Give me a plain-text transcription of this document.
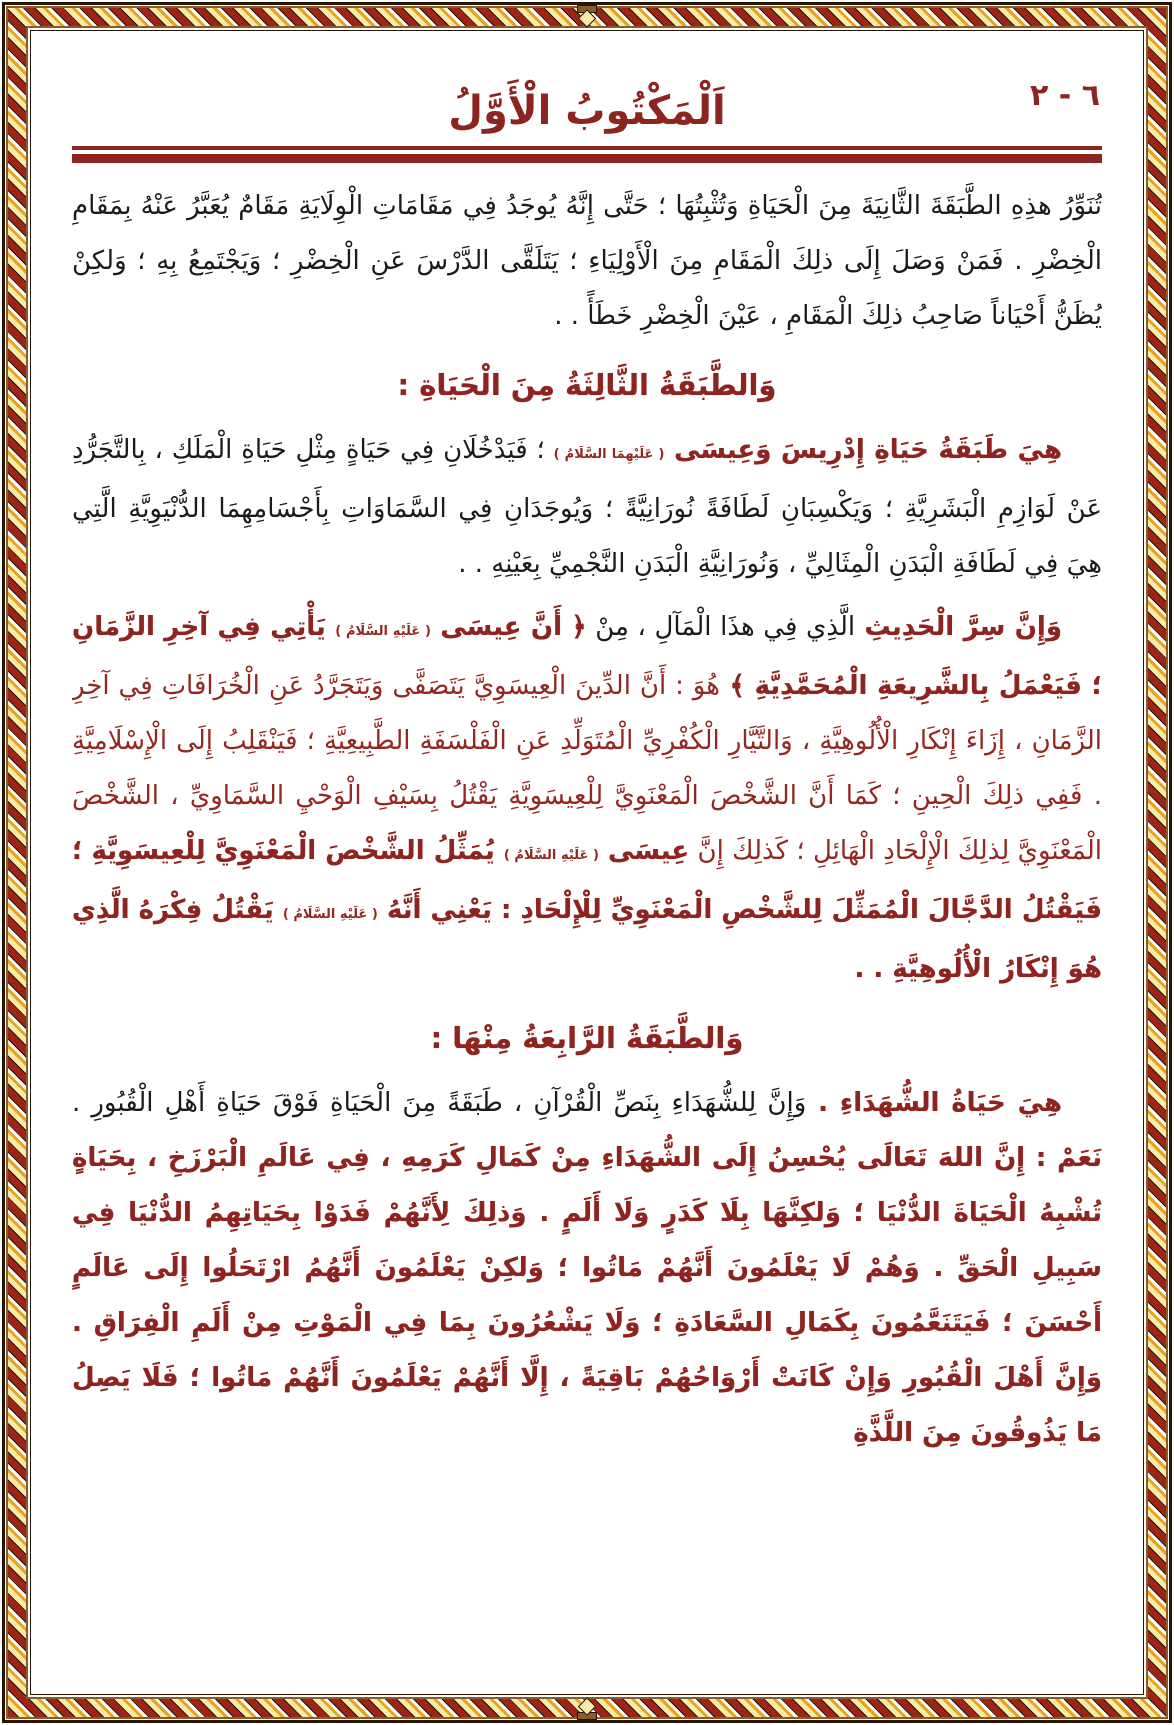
٦ - ٢
اَلْمَكْتُوبُ الْأَوَّلُ

تُنَوِّرُ هذِهِ الطَّبَقَةَ الثَّانِيَةَ مِنَ الْحَيَاةِ وَتُثْبِتُهَا ؛ حَتَّى إِنَّهُ يُوجَدُ فِي مَقَامَاتِ الْوِلَايَةِ مَقَامٌ يُعَبَّرُ عَنْهُ بِمَقَامِ الْخِضْرِ . فَمَنْ وَصَلَ إِلَى ذلِكَ الْمَقَامِ مِنَ الْأَوْلِيَاءِ ؛ يَتَلَقَّى الدَّرْسَ عَنِ الْخِضْرِ ؛ وَيَجْتَمِعُ بِهِ ؛ وَلكِنْ يُظَنُّ أَحْيَاناً صَاحِبُ ذلِكَ الْمَقَامِ ، عَيْنَ الْخِضْرِ خَطَأً . .

وَالطَّبَقَةُ الثَّالِثَةُ مِنَ الْحَيَاةِ :

هِيَ طَبَقَةُ حَيَاةِ إِدْرِيسَ وَعِيسَى ( عَلَيْهِمَا السَّلَامُ ) ؛ فَيَدْخُلَانِ فِي حَيَاةٍ مِثْلِ حَيَاةِ الْمَلَكِ ، بِالتَّجَرُّدِ عَنْ لَوَازِمِ الْبَشَرِيَّةِ ؛ وَيَكْسِبَانِ لَطَافَةً نُورَانِيَّةً ؛ وَيُوجَدَانِ فِي السَّمَاوَاتِ بِأَجْسَامِهِمَا الدُّنْيَوِيَّةِ الَّتِي هِيَ فِي لَطَافَةِ الْبَدَنِ الْمِثَالِيِّ ، وَنُورَانِيَّةِ الْبَدَنِ النَّجْمِيِّ بِعَيْنِهِ . .

وَإِنَّ سِرَّ الْحَدِيثِ الَّذِي فِي هذَا الْمَآلِ ، مِنْ ﴿ أَنَّ عِيسَى ( عَلَيْهِ السَّلَامُ ) يَأْتِي فِي آخِرِ الزَّمَانِ ؛ فَيَعْمَلُ بِالشَّرِيعَةِ الْمُحَمَّدِيَّةِ ﴾ هُوَ : أَنَّ الدِّينَ الْعِيسَوِيَّ يَتَصَفَّى وَيَتَجَرَّدُ عَنِ الْخُرَافَاتِ فِي آخِرِ الزَّمَانِ ، إِزَاءَ إِنْكَارِ الْأُلُوهِيَّةِ ، وَالتَّيَّارِ الْكُفْرِيِّ الْمُتَوَلِّدِ عَنِ الْفَلْسَفَةِ الطَّبِيعِيَّةِ ؛ فَيَنْقَلِبُ إِلَى الْإِسْلَامِيَّةِ . فَفِي ذلِكَ الْحِينِ ؛ كَمَا أَنَّ الشَّخْصَ الْمَعْنَوِيَّ لِلْعِيسَوِيَّةِ يَقْتُلُ بِسَيْفِ الْوَحْيِ السَّمَاوِيِّ ، الشَّخْصَ الْمَعْنَوِيَّ لِذلِكَ الْإِلْحَادِ الْهَائِلِ ؛ كَذلِكَ إِنَّ عِيسَى ( عَلَيْهِ السَّلَامُ ) يُمَثِّلُ الشَّخْصَ الْمَعْنَوِيَّ لِلْعِيسَوِيَّةِ ؛ فَيَقْتُلُ الدَّجَّالَ الْمُمَثِّلَ لِلشَّخْصِ الْمَعْنَوِيِّ لِلْإِلْحَادِ : يَعْنِي أَنَّهُ ( عَلَيْهِ السَّلَامُ ) يَقْتُلُ فِكْرَهُ الَّذِي هُوَ إِنْكَارُ الْأُلُوهِيَّةِ . .

وَالطَّبَقَةُ الرَّابِعَةُ مِنْهَا :

هِيَ حَيَاةُ الشُّهَدَاءِ . وَإِنَّ لِلشُّهَدَاءِ بِنَصِّ الْقُرْآنِ ، طَبَقَةً مِنَ الْحَيَاةِ فَوْقَ حَيَاةِ أَهْلِ الْقُبُورِ . نَعَمْ : إِنَّ اللهَ تَعَالَى يُحْسِنُ إِلَى الشُّهَدَاءِ مِنْ كَمَالِ كَرَمِهِ ، فِي عَالَمِ الْبَرْزَخِ ، بِحَيَاةٍ تُشْبِهُ الْحَيَاةَ الدُّنْيَا ؛ وَلكِنَّهَا بِلَا كَدَرٍ وَلَا أَلَمٍ . وَذلِكَ لِأَنَّهُمْ فَدَوْا بِحَيَاتِهِمُ الدُّنْيَا فِي سَبِيلِ الْحَقِّ . وَهُمْ لَا يَعْلَمُونَ أَنَّهُمْ مَاتُوا ؛ وَلكِنْ يَعْلَمُونَ أَنَّهُمُ ارْتَحَلُوا إِلَى عَالَمٍ أَحْسَنَ ؛ فَيَتَنَعَّمُونَ بِكَمَالِ السَّعَادَةِ ؛ وَلَا يَشْعُرُونَ بِمَا فِي الْمَوْتِ مِنْ أَلَمِ الْفِرَاقِ . وَإِنَّ أَهْلَ الْقُبُورِ وَإِنْ كَانَتْ أَرْوَاحُهُمْ بَاقِيَةً ، إِلَّا أَنَّهُمْ يَعْلَمُونَ أَنَّهُمْ مَاتُوا ؛ فَلَا يَصِلُ مَا يَذُوقُونَ مِنَ اللَّذَّةِ
